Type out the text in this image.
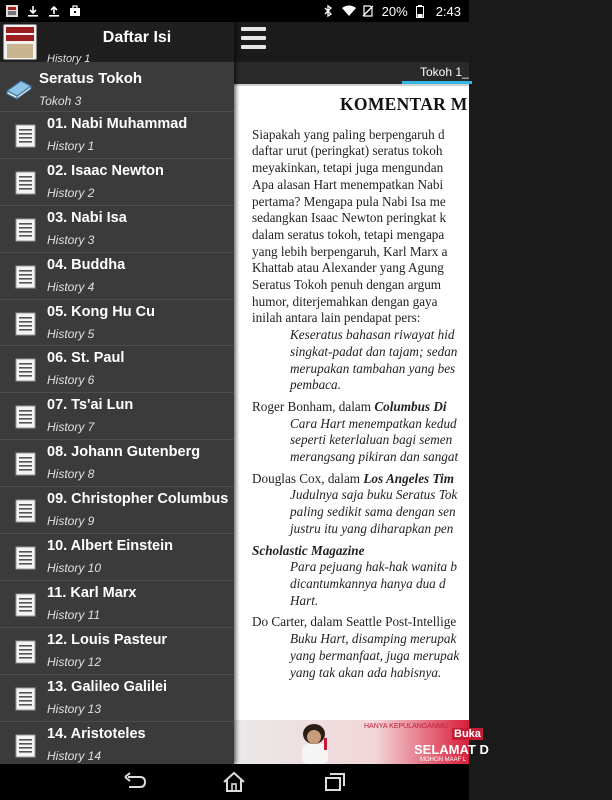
20% 2:43
Tokoh 1_
KOMENTAR M

Siapakah yang paling berpengaruh d

daftar urut (peringkat) seratus tokoh

meyakinkan, tetapi juga mengundan

Apa alasan Hart menempatkan Nabi

pertama? Mengapa pula Nabi Isa me

sedangkan Isaac Newton peringkat k

dalam seratus tokoh, tetapi mengapa

yang lebih berpengaruh, Karl Marx a

Khattab atau Alexander yang Agung

Seratus Tokoh penuh dengan argum

humor, diterjemahkan dengan gaya

inilah antara lain pendapat pers:

Keseratus bahasan riwayat hid

singkat-padat dan tajam; sedan

merupakan tambahan yang bes

pembaca.

Roger Bonham, dalam Columbus Di

Cara Hart menempatkan kedud

seperti keterlaluan bagi semen

merangsang pikiran dan sangat

Douglas Cox, dalam Los Angeles Tim

Judulnya saja buku Seratus Tok

paling sedikit sama dengan sen

justru itu yang diharapkan pen

Scholastic Magazine

Para pejuang hak-hak wanita b

dicantumkannya hanya dua d

Hart.

Do Carter, dalam Seattle Post-Intellige

Buku Hart, disamping merupak

yang bermanfaat, juga merupak

yang tak akan ada habisnya.

HANYA KEPULANGANMU
Buka
SELAMAT D
MOHON MAAF L
Daftar Isi
History 1
Seratus Tokoh
Tokoh 3
01. Nabi Muhammad
History 1
02. Isaac Newton
History 2
03. Nabi Isa
History 3
04. Buddha
History 4
05. Kong Hu Cu
History 5
06. St. Paul
History 6
07. Ts'ai Lun
History 7
08. Johann Gutenberg
History 8
09. Christopher Columbus
History 9
10. Albert Einstein
History 10
11. Karl Marx
History 11
12. Louis Pasteur
History 12
13. Galileo Galilei
History 13
14. Aristoteles
History 14
